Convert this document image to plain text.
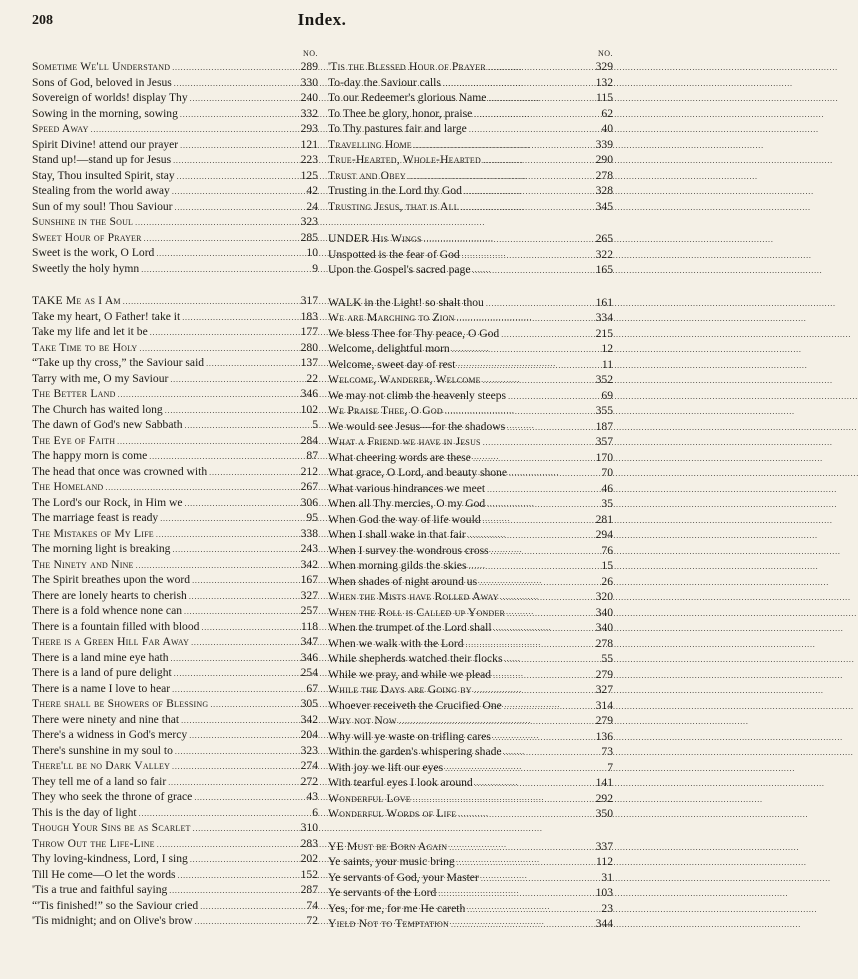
208	Index.
NO.
Sometime We'll Understand . . .	289
Sons of God, beloved in Jesus . . .	330
Sovereign of worlds! display Thy . . .	240
Sowing in the morning, sowing . . .	332
Speed Away . . .	293
Spirit Divine! attend our prayer . . .	121
Stand up!—stand up for Jesus . . .	223
Stay, Thou insulted Spirit, stay . . .	125
Stealing from the world away . . .	42
Sun of my soul! Thou Saviour . . .	24
Sunshine in the Soul . . .	323
Sweet Hour of Prayer . . .	285
Sweet is the work, O Lord . . .	10
Sweetly the holy hymn . . .	9
TAKE Me as I Am . . .	317
Take my heart, O Father! take it . . .	183
Take my life and let it be . . .	177
Take Time to be Holy . . .	280
“Take up thy cross,” the Saviour said . . .	137
Tarry with me, O my Saviour . . .	22
The Better Land . . .	346
The Church has waited long . . .	102
The dawn of God's new Sabbath . . .	5
The Eye of Faith . . .	284
The happy morn is come . . .	87
The head that once was crowned with . . .	212
The Homeland . . .	267
The Lord's our Rock, in Him we . . .	306
The marriage feast is ready . . .	95
The Mistakes of My Life . . .	338
The morning light is breaking . . .	243
The Ninety and Nine . . .	342
The Spirit breathes upon the word . . .	167
There are lonely hearts to cherish . . .	327
There is a fold whence none can . . .	257
There is a fountain filled with blood . . .	118
There is a Green Hill Far Away . . .	347
There is a land mine eye hath . . .	346
There is a land of pure delight . . .	254
There is a name I love to hear . . .	67
There shall be Showers of Blessing . . .	305
There were ninety and nine that . . .	342
There's a widness in God's mercy . . .	204
There's sunshine in my soul to . . .	323
There'll be no Dark Valley . . .	274
They tell me of a land so fair . . .	272
They who seek the throne of grace . . .	43
This is the day of light . . .	6
Though Your Sins be as Scarlet . . .	310
Throw Out the Life-Line . . .	283
Thy loving-kindness, Lord, I sing . . .	202
Till He come—O let the words . . .	152
'Tis a true and faithful saying . . .	287
“'Tis finished!” so the Saviour cried . . .	74
'Tis midnight; and on Olive's brow . . .	72
NO.
'Tis the Blessed Hour of Prayer . . .	329
To-day the Saviour calls . . .	132
To our Redeemer's glorious Name . . .	115
To Thee be glory, honor, praise . . .	62
To Thy pastures fair and large . . .	40
Travelling Home . . .	339
True-Hearted, Whole-Hearted . . .	290
Trust and Obey . . .	278
Trusting in the Lord thy God . . .	328
Trusting Jesus, that is All . . .	345
UNDER His Wings . . .	265
Unspotted is the fear of God . . .	322
Upon the Gospel's sacred page . . .	165
WALK in the Light! so shalt thou . . .	161
We are Marching to Zion . . .	334
We bless Thee for Thy peace, O God . . .	215
Welcome, delightful morn . . .	12
Welcome, sweet day of rest . . .	11
Welcome, Wanderer, Welcome . . .	352
We may not climb the heavenly steeps . . .	69
We Praise Thee, O God . . .	355
We would see Jesus—for the shadows . . .	187
What a Friend we have in Jesus . . .	357
What cheering words are these . . .	170
What grace, O Lord, and beauty shone . . .	70
What various hindrances we meet . . .	46
When all Thy mercies, O my God . . .	35
When God the way of life would . . .	281
When I shall wake in that fair . . .	294
When I survey the wondrous cross . . .	76
When morning gilds the skies . . .	15
When shades of night around us . . .	26
When the Mists have Rolled Away . . .	320
When the Roll is Called up Yonder . . .	340
When the trumpet of the Lord shall . . .	340
When we walk with the Lord . . .	278
While shepherds watched their flocks . . .	55
While we pray, and while we plead . . .	279
While the Days are Going by . . .	327
Whoever receiveth the Crucified One . . .	314
Why not Now . . .	279
Why will ye waste on trifling cares . . .	136
Within the garden's whispering shade . . .	73
With joy we lift our eyes . . .	7
With tearful eyes I look around . . .	141
Wonderful Love . . .	292
Wonderful Words of Life . . .	350
YE Must be Born Again . . .	337
Ye saints, your music bring . . .	112
Ye servants of God, your Master . . .	31
Ye servants of the Lord . . .	103
Yes, for me, for me He careth . . .	23
Yield Not to Temptation . . .	344
